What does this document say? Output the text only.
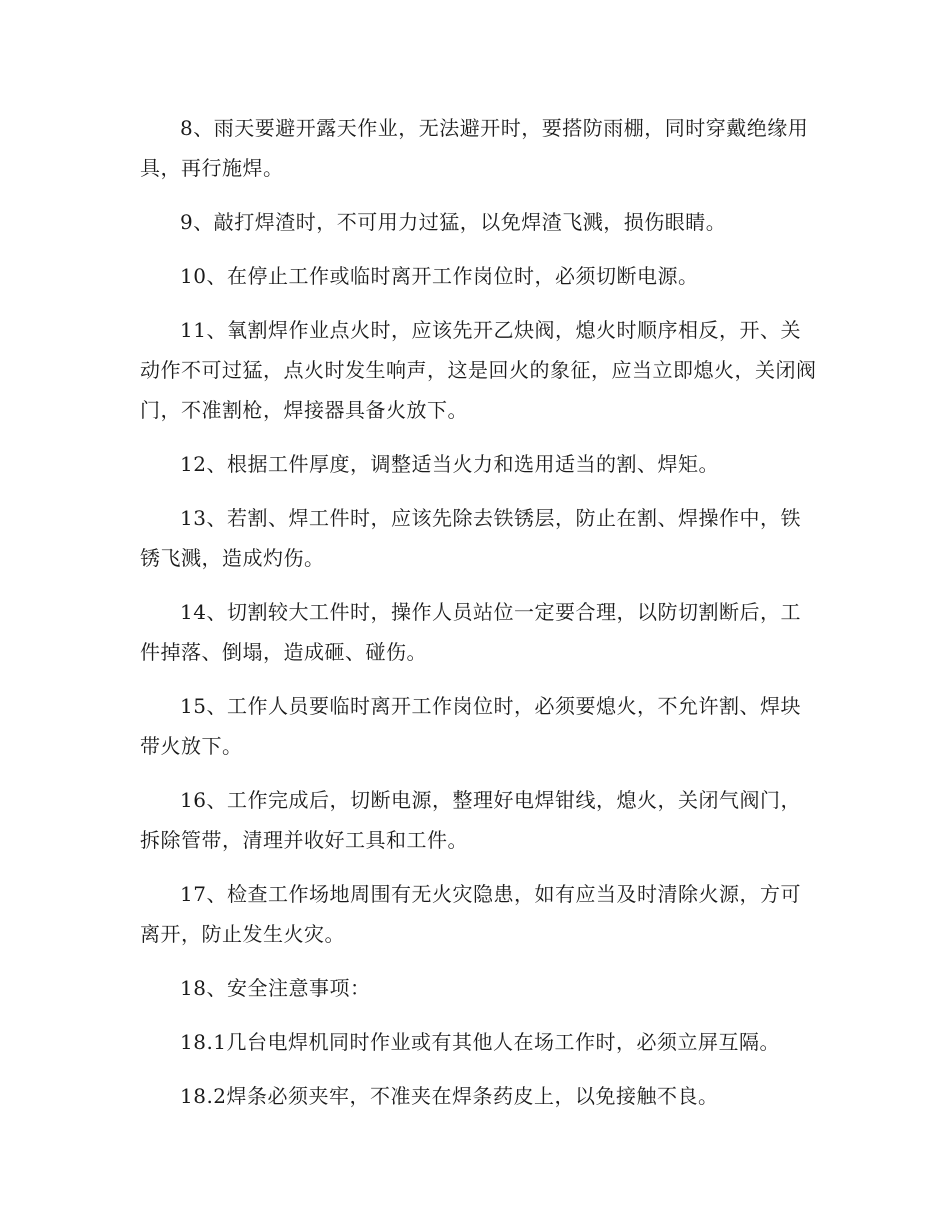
8、雨天要避开露天作业，无法避开时，要搭防雨棚，同时穿戴绝缘用具，再行施焊。

9、敲打焊渣时，不可用力过猛，以免焊渣飞溅，损伤眼睛。

10、在停止工作或临时离开工作岗位时，必须切断电源。

11、氧割焊作业点火时，应该先开乙炔阀，熄火时顺序相反，开、关动作不可过猛，点火时发生响声，这是回火的象征，应当立即熄火，关闭阀门，不准割枪，焊接器具备火放下。

12、根据工件厚度，调整适当火力和选用适当的割、焊矩。

13、若割、焊工件时，应该先除去铁锈层，防止在割、焊操作中，铁锈飞溅，造成灼伤。

14、切割较大工件时，操作人员站位一定要合理，以防切割断后，工件掉落、倒塌，造成砸、碰伤。

15、工作人员要临时离开工作岗位时，必须要熄火，不允许割、焊块带火放下。

16、工作完成后，切断电源，整理好电焊钳线，熄火，关闭气阀门，拆除管带，清理并收好工具和工件。

17、检查工作场地周围有无火灾隐患，如有应当及时清除火源，方可离开，防止发生火灾。

18、安全注意事项：

18.1几台电焊机同时作业或有其他人在场工作时，必须立屏互隔。

18.2焊条必须夹牢，不准夹在焊条药皮上，以免接触不良。
